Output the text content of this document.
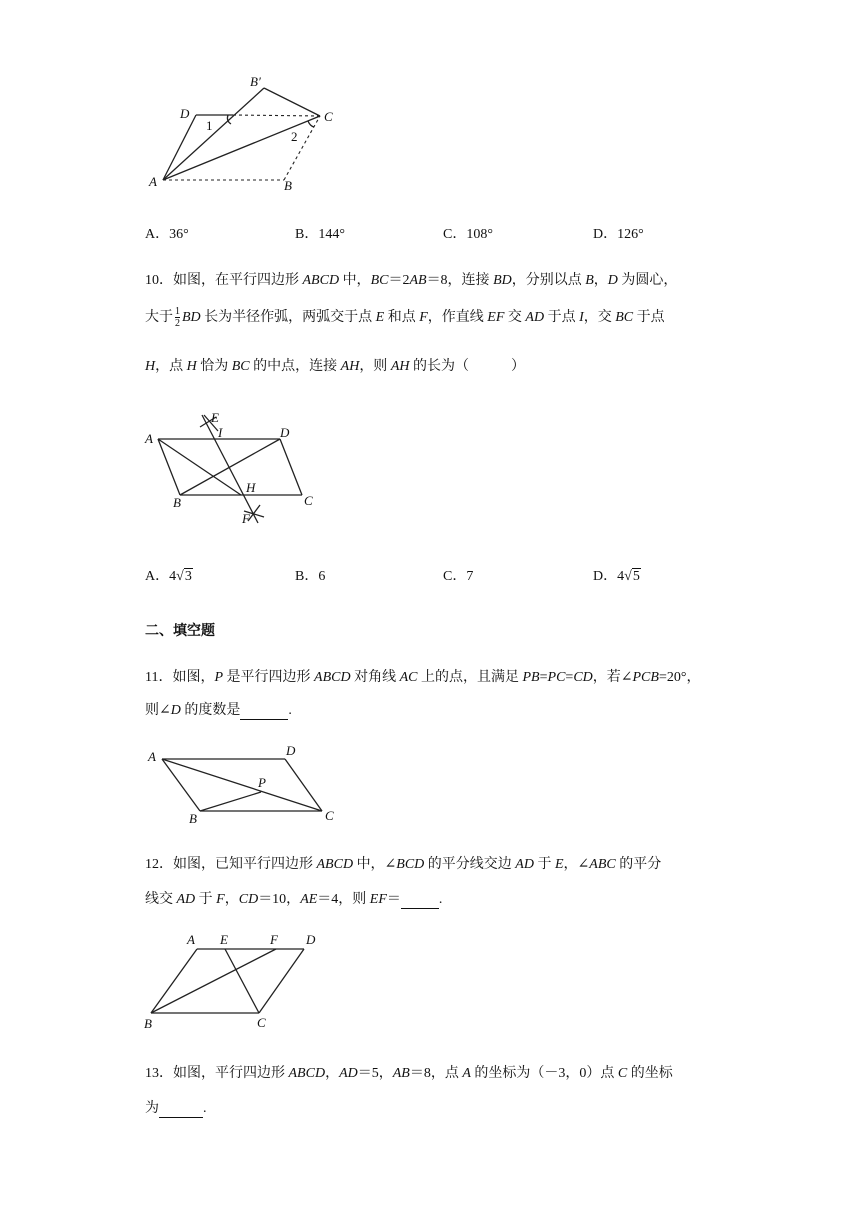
D
B′
C
A	B
1
2
A．36°	B．144°	C．108°	D．126°
10．如图，在平行四边形 ABCD 中，BC＝2AB＝8，连接 BD，分别以点 B，D 为圆心，
大于 $\frac{1}{2}$ BD 长为半径作弧，两弧交于点 E 和点 F，作直线 EF 交 AD 于点 I，交 BC 于点
H，点 H 恰为 BC 的中点，连接 AH，则 AH 的长为（　　　）
E
I
A	D
B
H
C
F
A．4√3	B．6	C．7	D．4√5
二、填空题
11．如图，P 是平行四边形 ABCD 对角线 AC 上的点，且满足 PB=PC=CD，若∠PCB=20°，
则∠D 的度数是	.
A	D
P
B	C
12．如图，已知平行四边形 ABCD 中，∠BCD 的平分线交边 AD 于 E，∠ABC 的平分
线交 AD 于 F，CD＝10，AE＝4，则 EF＝	.
A E	F D
B	C
13．如图，平行四边形 ABCD，AD＝5，AB＝8，点 A 的坐标为（－3，0）点 C 的坐标
为	.
